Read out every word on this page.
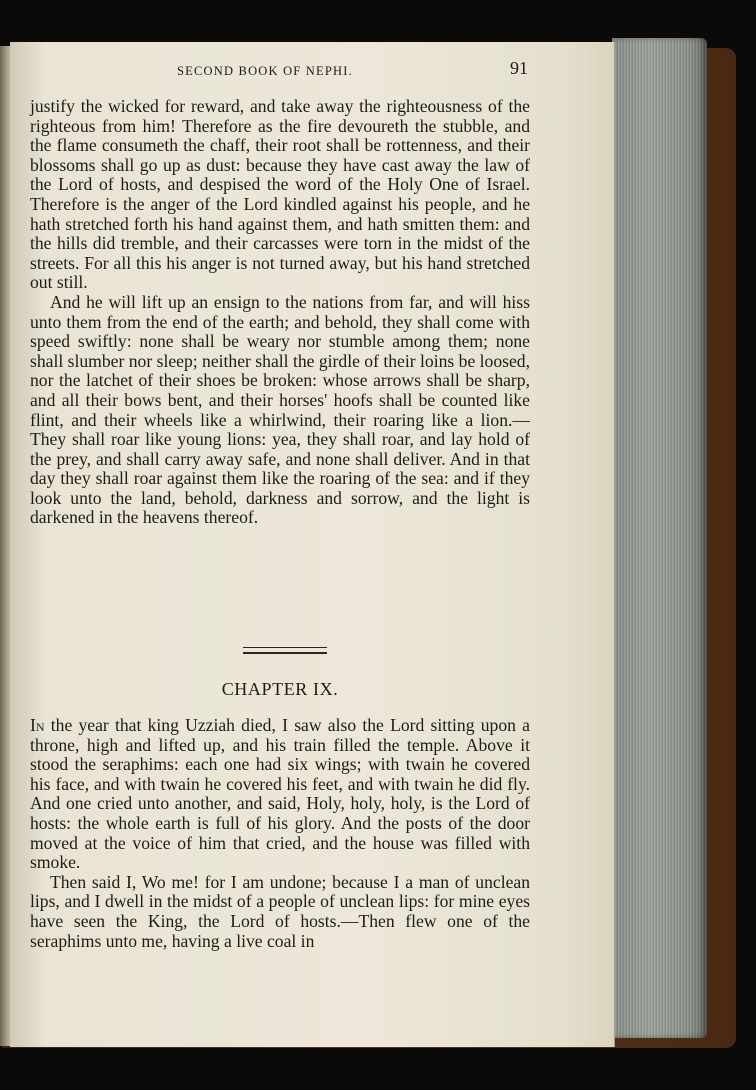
SECOND BOOK OF NEPHI.	91

justify the wicked for reward, and take away the righteousness of the righteous from him! Therefore as the fire devoureth the stubble, and the flame consumeth the chaff, their root shall be rottenness, and their blossoms shall go up as dust: because they have cast away the law of the Lord of hosts, and despised the word of the Holy One of Israel. Therefore is the anger of the Lord kindled against his people, and he hath stretched forth his hand against them, and hath smitten them: and the hills did tremble, and their carcasses were torn in the midst of the streets. For all this his anger is not turned away, but his hand stretched out still.

And he will lift up an ensign to the nations from far, and will hiss unto them from the end of the earth; and behold, they shall come with speed swiftly: none shall be weary nor stumble among them; none shall slumber nor sleep; neither shall the girdle of their loins be loosed, nor the latchet of their shoes be broken: whose arrows shall be sharp, and all their bows bent, and their horses' hoofs shall be counted like flint, and their wheels like a whirlwind, their roaring like a lion.—They shall roar like young lions: yea, they shall roar, and lay hold of the prey, and shall carry away safe, and none shall deliver. And in that day they shall roar against them like the roaring of the sea: and if they look unto the land, behold, darkness and sorrow, and the light is darkened in the heavens thereof.

CHAPTER IX.

In the year that king Uzziah died, I saw also the Lord sitting upon a throne, high and lifted up, and his train filled the temple. Above it stood the seraphims: each one had six wings; with twain he covered his face, and with twain he covered his feet, and with twain he did fly. And one cried unto another, and said, Holy, holy, holy, is the Lord of hosts: the whole earth is full of his glory. And the posts of the door moved at the voice of him that cried, and the house was filled with smoke.

Then said I, Wo me! for I am undone; because I a man of unclean lips, and I dwell in the midst of a people of unclean lips: for mine eyes have seen the King, the Lord of hosts.—Then flew one of the seraphims unto me, having a live coal in
